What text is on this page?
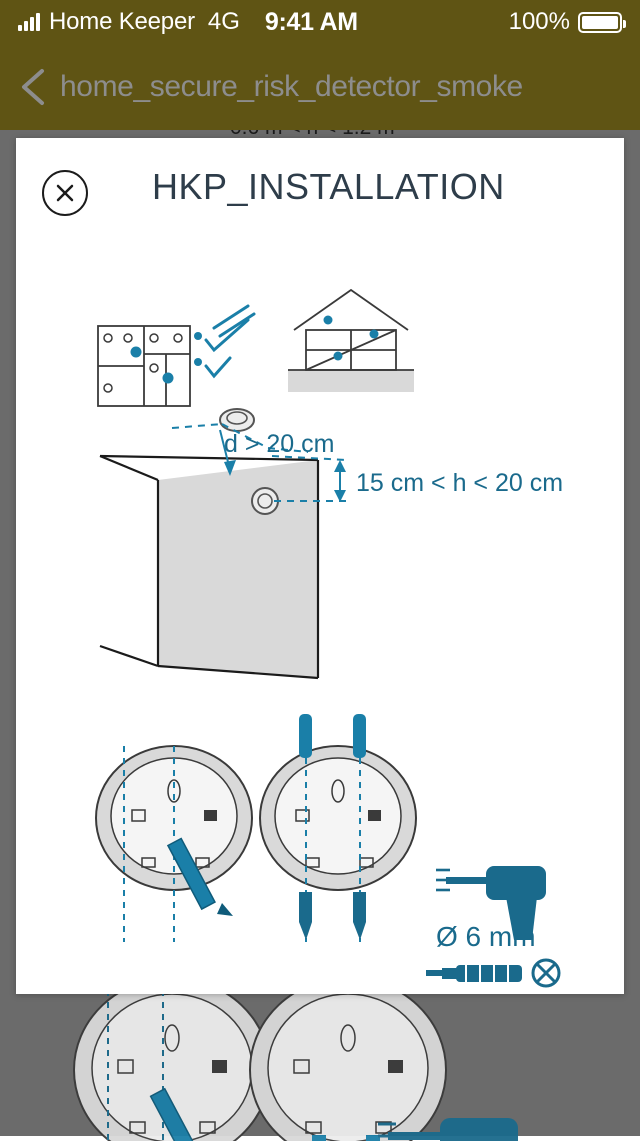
Home Keeper 4G 9:41 AM	100%
home_secure_risk_detector_smoke
HKP_INSTALLATION
d > 20 cm
15 cm < h < 20 cm
Ø 6 mm
